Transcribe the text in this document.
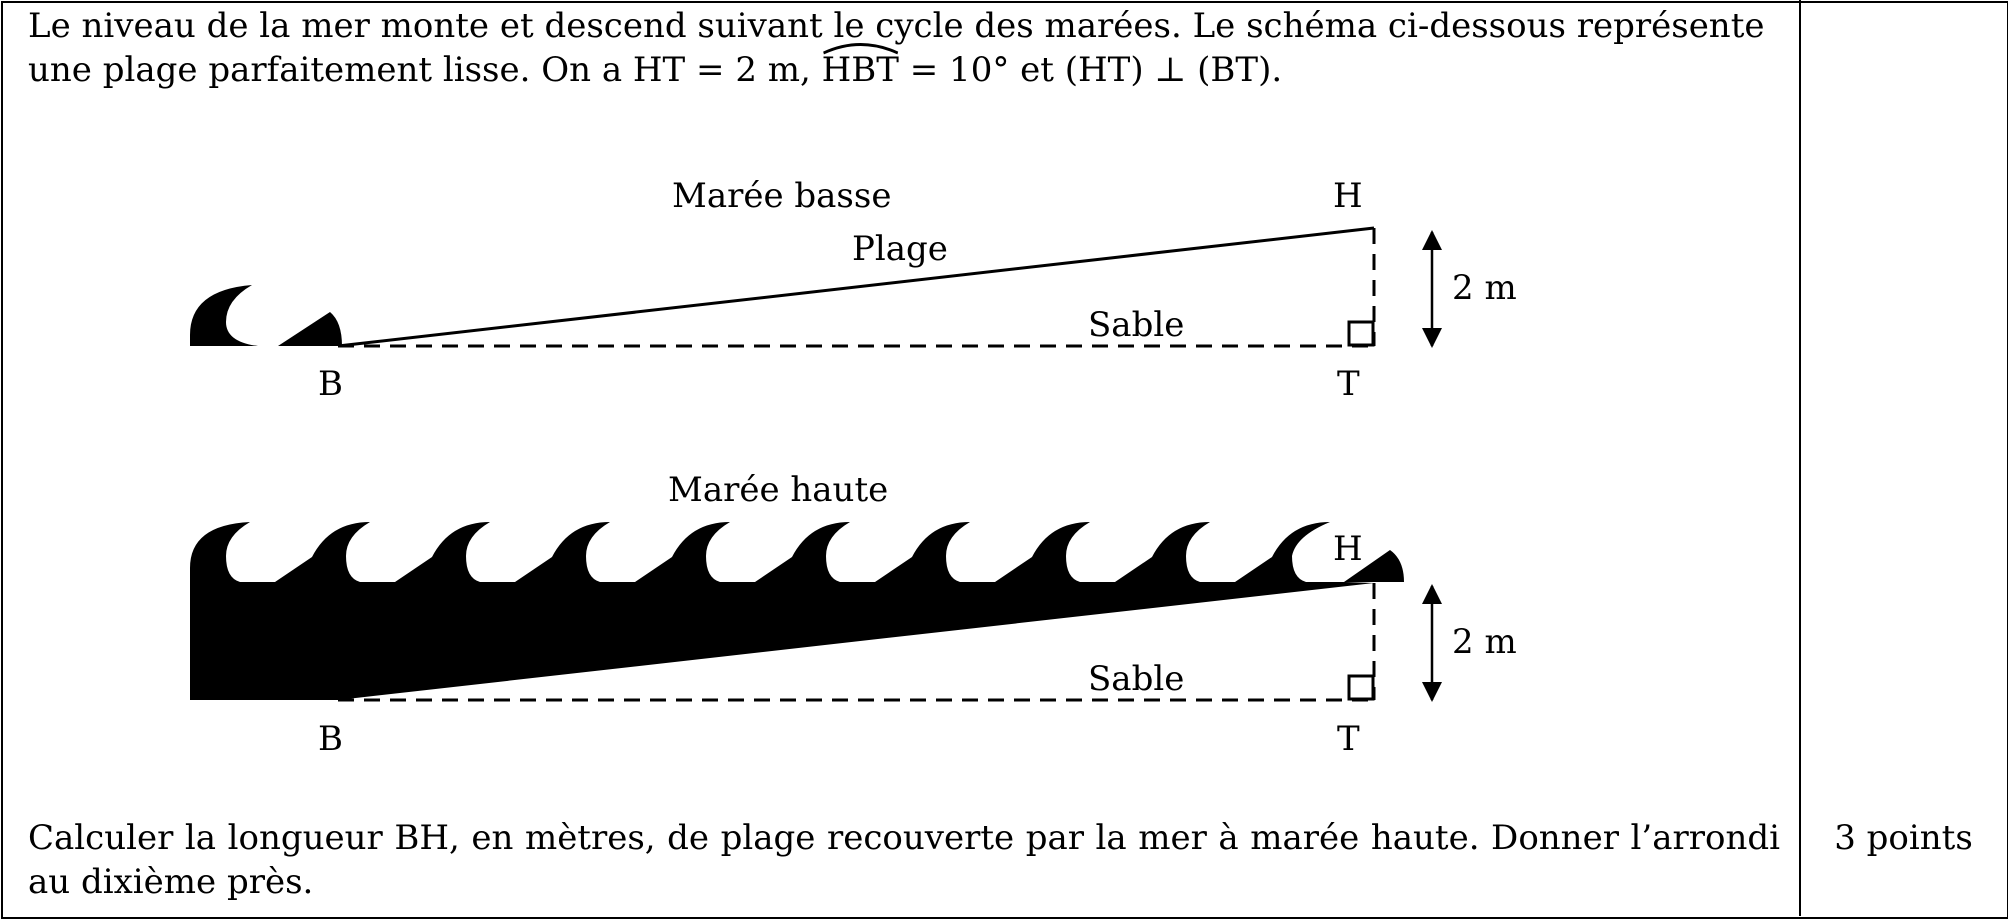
Le niveau de la mer monte et descend suivant le cycle des marées. Le schéma ci-dessous représente

une plage parfaitement lisse. On a HT = 2 m,
HBT = 10° et (HT) ⊥ (BT).

Marée basse
Plage
Sable
H
2 m
B	T
Marée haute
H
2 m
Sable
B	T
Calculer la longueur BH, en mètres, de plage recouverte par la mer à marée haute. Donner l’arrondi au dixième près.
3 points
